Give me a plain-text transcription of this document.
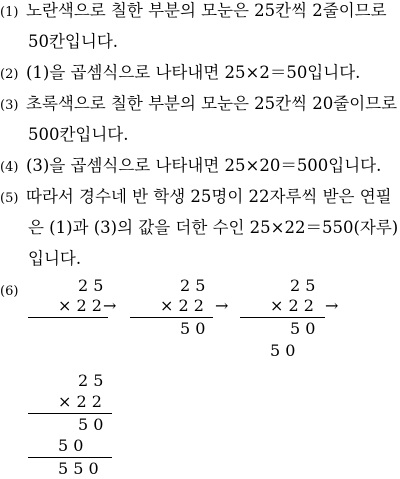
(1) 노란색으로 칠한 부분의 모눈은 25칸씩 2줄이므로
50칸입니다.
(2) (1)을 곱셈식으로 나타내면 25×2＝50입니다.
(3) 초록색으로 칠한 부분의 모눈은 25칸씩 20줄이므로
500칸입니다.
(4) (3)을 곱셈식으로 나타내면 25×20＝500입니다.
(5) 따라서 경수네 반 학생 25명이 22자루씩 받은 연필
은 (1)과 (3)의 값을 더한 수인 25×22＝550(자루)
입니다.
(6)	2 5
× 2 2 →
2 5
× 2 2
5 0
→
2 5
× 2 2
5 0
5 0
→
2 5
× 2 2
5 0
5 0
5 5 0
